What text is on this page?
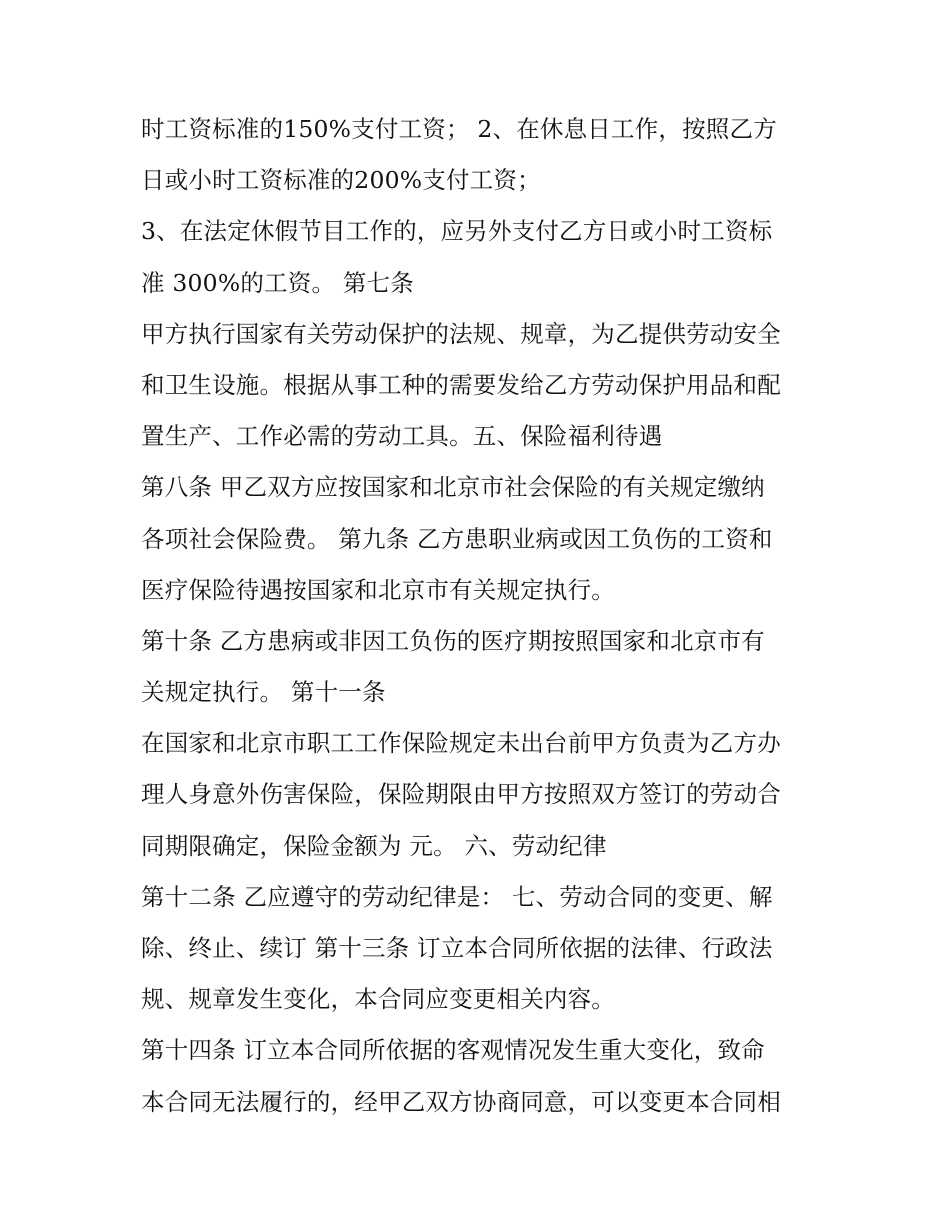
时工资标准的150%支付工资； 2、在休息日工作，按照乙方
日或小时工资标准的200%支付工资；
3、在法定休假节目工作的，应另外支付乙方日或小时工资标
准 300%的工资。 第七条
甲方执行国家有关劳动保护的法规、规章，为乙提供劳动安全
和卫生设施。根据从事工种的需要发给乙方劳动保护用品和配
置生产、工作必需的劳动工具。五、保险福利待遇
第八条 甲乙双方应按国家和北京市社会保险的有关规定缴纳
各项社会保险费。 第九条 乙方患职业病或因工负伤的工资和
医疗保险待遇按国家和北京市有关规定执行。
第十条 乙方患病或非因工负伤的医疗期按照国家和北京市有
关规定执行。 第十一条
在国家和北京市职工工作保险规定未出台前甲方负责为乙方办
理人身意外伤害保险，保险期限由甲方按照双方签订的劳动合
同期限确定，保险金额为 元。 六、劳动纪律
第十二条 乙应遵守的劳动纪律是： 七、劳动合同的变更、解
除、终止、续订 第十三条 订立本合同所依据的法律、行政法
规、规章发生变化，本合同应变更相关内容。
第十四条 订立本合同所依据的客观情况发生重大变化，致命
本合同无法履行的，经甲乙双方协商同意，可以变更本合同相
